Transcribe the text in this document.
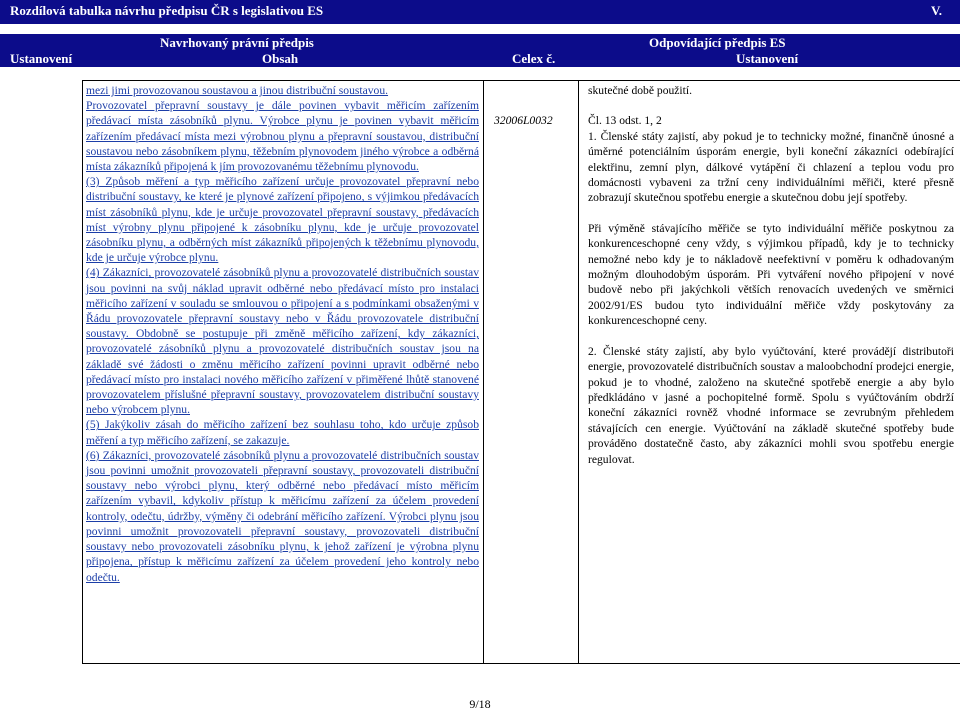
Rozdílová tabulka návrhu předpisu ČR s legislativou ES	V.
Navrhovaný právní předpis	Odpovídající předpis ES
Ustanovení	Obsah	Celex č.	Ustanovení

mezi jimi provozovanou soustavou a jinou distribuční soustavou.

Provozovatel přepravní soustavy je dále povinen vybavit měřicím zařízením předávací místa zásobníků plynu. Výrobce plynu je povinen vybavit měřicím zařízením předávací místa mezi výrobnou plynu a přepravní soustavou, distribuční soustavou nebo zásobníkem plynu, těžebním plynovodem jiného výrobce a odběrná místa zákazníků připojená k jím provozovanému těžebnímu plynovodu.

(3) Způsob měření a typ měřicího zařízení určuje provozovatel přepravní nebo distribuční soustavy, ke které je plynové zařízení připojeno, s výjimkou předávacích míst zásobníků plynu, kde je určuje provozovatel přepravní soustavy, předávacích míst výrobny plynu připojené k zásobníku plynu, kde je určuje provozovatel zásobníku plynu, a odběrných míst zákazníků připojených k těžebnímu plynovodu, kde je určuje výrobce plynu.

(4) Zákazníci, provozovatelé zásobníků plynu a provozovatelé distribučních soustav jsou povinni na svůj náklad upravit odběrné nebo předávací místo pro instalaci měřicího zařízení v souladu se smlouvou o připojení a s podmínkami obsaženými v Řádu provozovatele přepravní soustavy nebo v Řádu provozovatele distribuční soustavy. Obdobně se postupuje při změně měřicího zařízení, kdy zákazníci, provozovatelé zásobníků plynu a provozovatelé distribučních soustav jsou na základě své žádosti o změnu měřicího zařízení povinni upravit odběrné nebo předávací místo pro instalaci nového měřicího zařízení v přiměřené lhůtě stanovené provozovatelem příslušné přepravní soustavy, provozovatelem distribuční soustavy nebo výrobcem plynu.

(5) Jakýkoliv zásah do měřicího zařízení bez souhlasu toho, kdo určuje způsob měření a typ měřicího zařízení, se zakazuje.

(6) Zákazníci, provozovatelé zásobníků plynu a provozovatelé distribučních soustav jsou povinni umožnit provozovateli přepravní soustavy, provozovateli distribuční soustavy nebo výrobci plynu, který odběrné nebo předávací místo měřicím zařízením vybavil, kdykoliv přístup k měřicímu zařízení za účelem provedení kontroly, odečtu, údržby, výměny či odebrání měřicího zařízení. Výrobci plynu jsou povinni umožnit provozovateli přepravní soustavy, provozovateli distribuční soustavy nebo provozovateli zásobníku plynu, k jehož zařízení je výrobna plynu připojena, přístup k měřicímu zařízení za účelem provedení jeho kontroly nebo odečtu.

32006L0032

skutečné době použití.

Čl. 13 odst. 1, 2

1. Členské státy zajistí, aby pokud je to technicky možné, finančně únosné a úměrné potenciálním úsporám energie, byli koneční zákazníci odebírající elektřinu, zemní plyn, dálkové vytápění či chlazení a teplou vodu pro domácnosti vybaveni za tržní ceny individuálními měřiči, které přesně zobrazují skutečnou spotřebu energie a skutečnou dobu její spotřeby.

Při výměně stávajícího měřiče se tyto individuální měřiče poskytnou za konkurenceschopné ceny vždy, s výjimkou případů, kdy je to technicky nemožné nebo kdy je to nákladově neefektivní v poměru k odhadovaným možným dlouhodobým úsporám. Při vytváření nového připojení v nové budově nebo při jakýchkoli větších renovacích uvedených ve směrnici 2002/91/ES budou tyto individuální měřiče vždy poskytovány za konkurenceschopné ceny.

2. Členské státy zajistí, aby bylo vyúčtování, které provádějí distributoři energie, provozovatelé distribučních soustav a maloobchodní prodejci energie, pokud je to vhodné, založeno na skutečné spotřebě energie a aby bylo předkládáno v jasné a pochopitelné formě. Spolu s vyúčtováním obdrží koneční zákazníci rovněž vhodné informace se zevrubným přehledem stávajících cen energie. Vyúčtování na základě skutečné spotřeby bude prováděno dostatečně často, aby zákazníci mohli svou spotřebu energie regulovat.

9/18
